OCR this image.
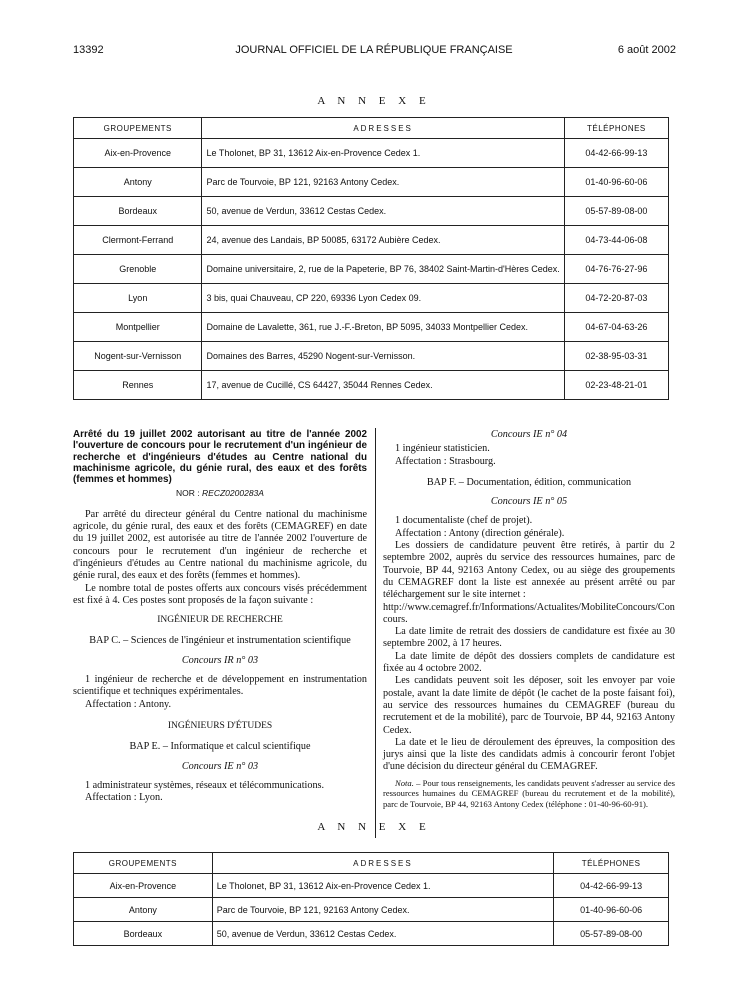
13392	JOURNAL OFFICIEL DE LA RÉPUBLIQUE FRANÇAISE	6 août 2002
A N N E X E
GROUPEMENTS	ADRESSES	TÉLÉPHONES
Aix-en-Provence	Le Tholonet, BP 31, 13612 Aix-en-Provence Cedex 1.	04-42-66-99-13
Antony	Parc de Tourvoie, BP 121, 92163 Antony Cedex.	01-40-96-60-06
Bordeaux	50, avenue de Verdun, 33612 Cestas Cedex.	05-57-89-08-00
Clermont-Ferrand	24, avenue des Landais, BP 50085, 63172 Aubière Cedex.	04-73-44-06-08
Grenoble	Domaine universitaire, 2, rue de la Papeterie, BP 76, 38402 Saint-Martin-d'Hères Cedex.	04-76-76-27-96
Lyon	3 bis, quai Chauveau, CP 220, 69336 Lyon Cedex 09.	04-72-20-87-03
Montpellier	Domaine de Lavalette, 361, rue J.-F.-Breton, BP 5095, 34033 Montpellier Cedex.	04-67-04-63-26
Nogent-sur-Vernisson	Domaines des Barres, 45290 Nogent-sur-Vernisson.	02-38-95-03-31
Rennes	17, avenue de Cucillé, CS 64427, 35044 Rennes Cedex.	02-23-48-21-01

Arrêté du 19 juillet 2002 autorisant au titre de l'année 2002 l'ouverture de concours pour le recrutement d'un ingénieur de recherche et d'ingénieurs d'études au Centre national du machinisme agricole, du génie rural, des eaux et des forêts (femmes et hommes)

NOR : RECZ0200283A

Par arrêté du directeur général du Centre national du machinisme agricole, du génie rural, des eaux et des forêts (CEMAGREF) en date du 19 juillet 2002, est autorisée au titre de l'année 2002 l'ouverture de concours pour le recrutement d'un ingénieur de recherche et d'ingénieurs d'études au Centre national du machinisme agricole, du génie rural, des eaux et des forêts (femmes et hommes).

Le nombre total de postes offerts aux concours visés précédemment est fixé à 4. Ces postes sont proposés de la façon suivante :

INGÉNIEUR DE RECHERCHE

BAP C. – Sciences de l'ingénieur et instrumentation scientifique

Concours IR n° 03

1 ingénieur de recherche et de développement en instrumentation scientifique et techniques expérimentales.

Affectation : Antony.

INGÉNIEURS D'ÉTUDES

BAP E. – Informatique et calcul scientifique

Concours IE n° 03

1 administrateur systèmes, réseaux et télécommunications.

Affectation : Lyon.

Concours IE n° 04

1 ingénieur statisticien.

Affectation : Strasbourg.

BAP F. – Documentation, édition, communication

Concours IE n° 05

1 documentaliste (chef de projet).

Affectation : Antony (direction générale).

Les dossiers de candidature peuvent être retirés, à partir du 2 septembre 2002, auprès du service des ressources humaines, parc de Tourvoie, BP 44, 92163 Antony Cedex, ou au siège des groupements du CEMAGREF dont la liste est annexée au présent arrêté ou par téléchargement sur le site internet :

http://www.cemagref.fr/Informations/Actualites/MobiliteConcours/Concours.

La date limite de retrait des dossiers de candidature est fixée au 30 septembre 2002, à 17 heures.

La date limite de dépôt des dossiers complets de candidature est fixée au 4 octobre 2002.

Les candidats peuvent soit les déposer, soit les envoyer par voie postale, avant la date limite de dépôt (le cachet de la poste faisant foi), au service des ressources humaines du CEMAGREF (bureau du recrutement et de la mobilité), parc de Tourvoie, BP 44, 92163 Antony Cedex.

La date et le lieu de déroulement des épreuves, la composition des jurys ainsi que la liste des candidats admis à concourir feront l'objet d'une décision du directeur général du CEMAGREF.

Nota. – Pour tous renseignements, les candidats peuvent s'adresser au service des ressources humaines du CEMAGREF (bureau du recrutement et de la mobilité), parc de Tourvoie, BP 44, 92163 Antony Cedex (téléphone : 01-40-96-60-91).

A N N E X E
GROUPEMENTS	ADRESSES	TÉLÉPHONES
Aix-en-Provence	Le Tholonet, BP 31, 13612 Aix-en-Provence Cedex 1.	04-42-66-99-13
Antony	Parc de Tourvoie, BP 121, 92163 Antony Cedex.	01-40-96-60-06
Bordeaux	50, avenue de Verdun, 33612 Cestas Cedex.	05-57-89-08-00
